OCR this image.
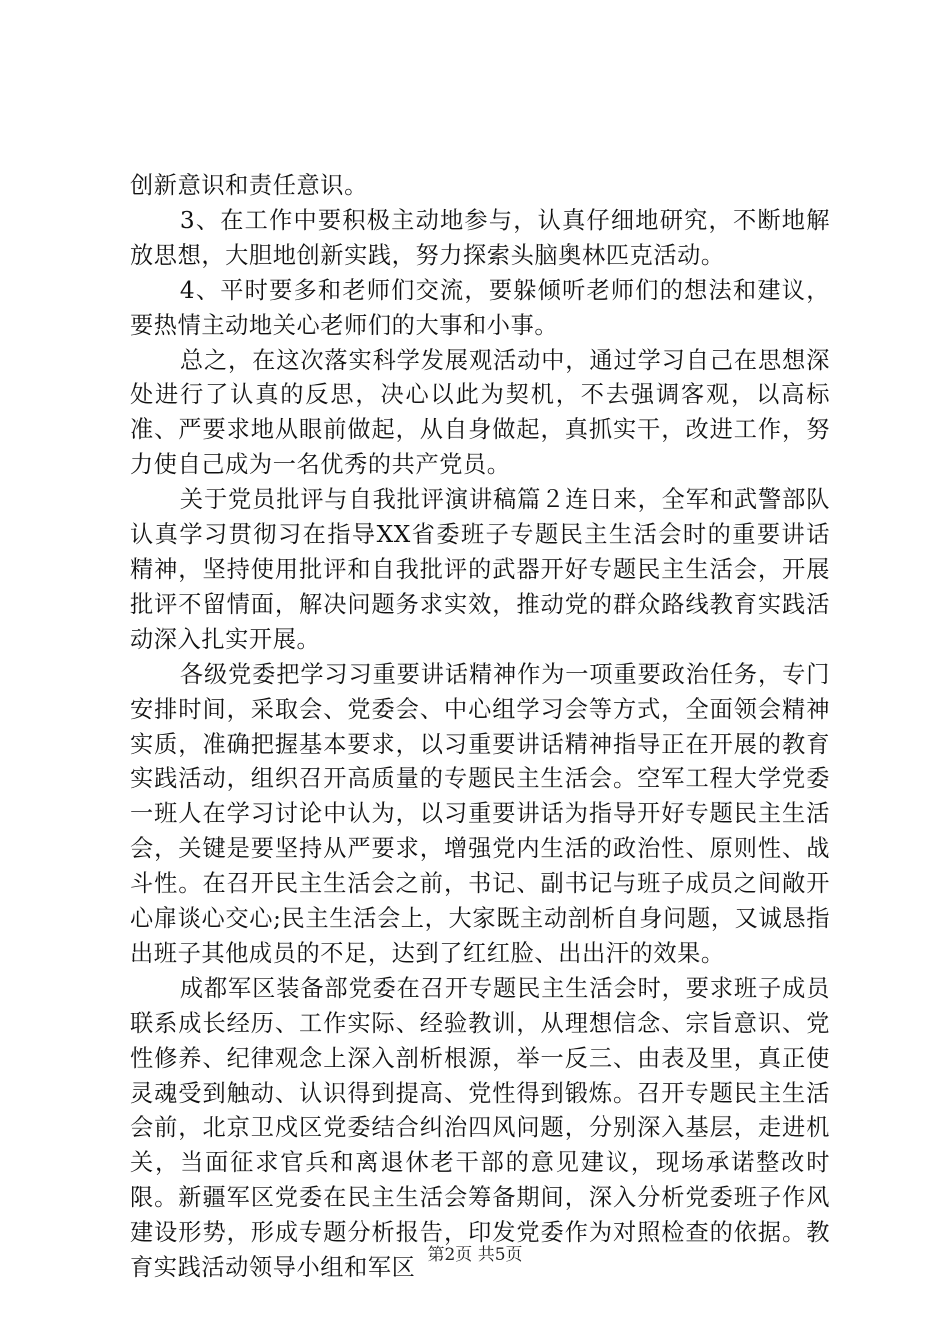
创新意识和责任意识。

3、在工作中要积极主动地参与，认真仔细地研究，不断地解放思想，大胆地创新实践，努力探索头脑奥林匹克活动。

4、平时要多和老师们交流，要躲倾听老师们的想法和建议，要热情主动地关心老师们的大事和小事。

总之，在这次落实科学发展观活动中，通过学习自己在思想深处进行了认真的反思，决心以此为契机，不去强调客观，以高标准、严要求地从眼前做起，从自身做起，真抓实干，改进工作，努力使自己成为一名优秀的共产党员。

关于党员批评与自我批评演讲稿篇２连日来，全军和武警部队认真学习贯彻习在指导XX省委班子专题民主生活会时的重要讲话精神，坚持使用批评和自我批评的武器开好专题民主生活会，开展批评不留情面，解决问题务求实效，推动党的群众路线教育实践活动深入扎实开展。

各级党委把学习习重要讲话精神作为一项重要政治任务，专门安排时间，采取会、党委会、中心组学习会等方式，全面领会精神实质，准确把握基本要求，以习重要讲话精神指导正在开展的教育实践活动，组织召开高质量的专题民主生活会。空军工程大学党委一班人在学习讨论中认为，以习重要讲话为指导开好专题民主生活会，关键是要坚持从严要求，增强党内生活的政治性、原则性、战斗性。在召开民主生活会之前，书记、副书记与班子成员之间敞开心扉谈心交心;民主生活会上，大家既主动剖析自身问题，又诚恳指出班子其他成员的不足，达到了红红脸、出出汗的效果。

成都军区装备部党委在召开专题民主生活会时，要求班子成员联系成长经历、工作实际、经验教训，从理想信念、宗旨意识、党性修养、纪律观念上深入剖析根源，举一反三、由表及里，真正使灵魂受到触动、认识得到提高、党性得到锻炼。召开专题民主生活会前，北京卫戍区党委结合纠治四风问题，分别深入基层，走进机关，当面征求官兵和离退休老干部的意见建议，现场承诺整改时限。新疆军区党委在民主生活会筹备期间，深入分析党委班子作风建设形势，形成专题分析报告，印发党委作为对照检查的依据。教育实践活动领导小组和军区 第2页 共5页
